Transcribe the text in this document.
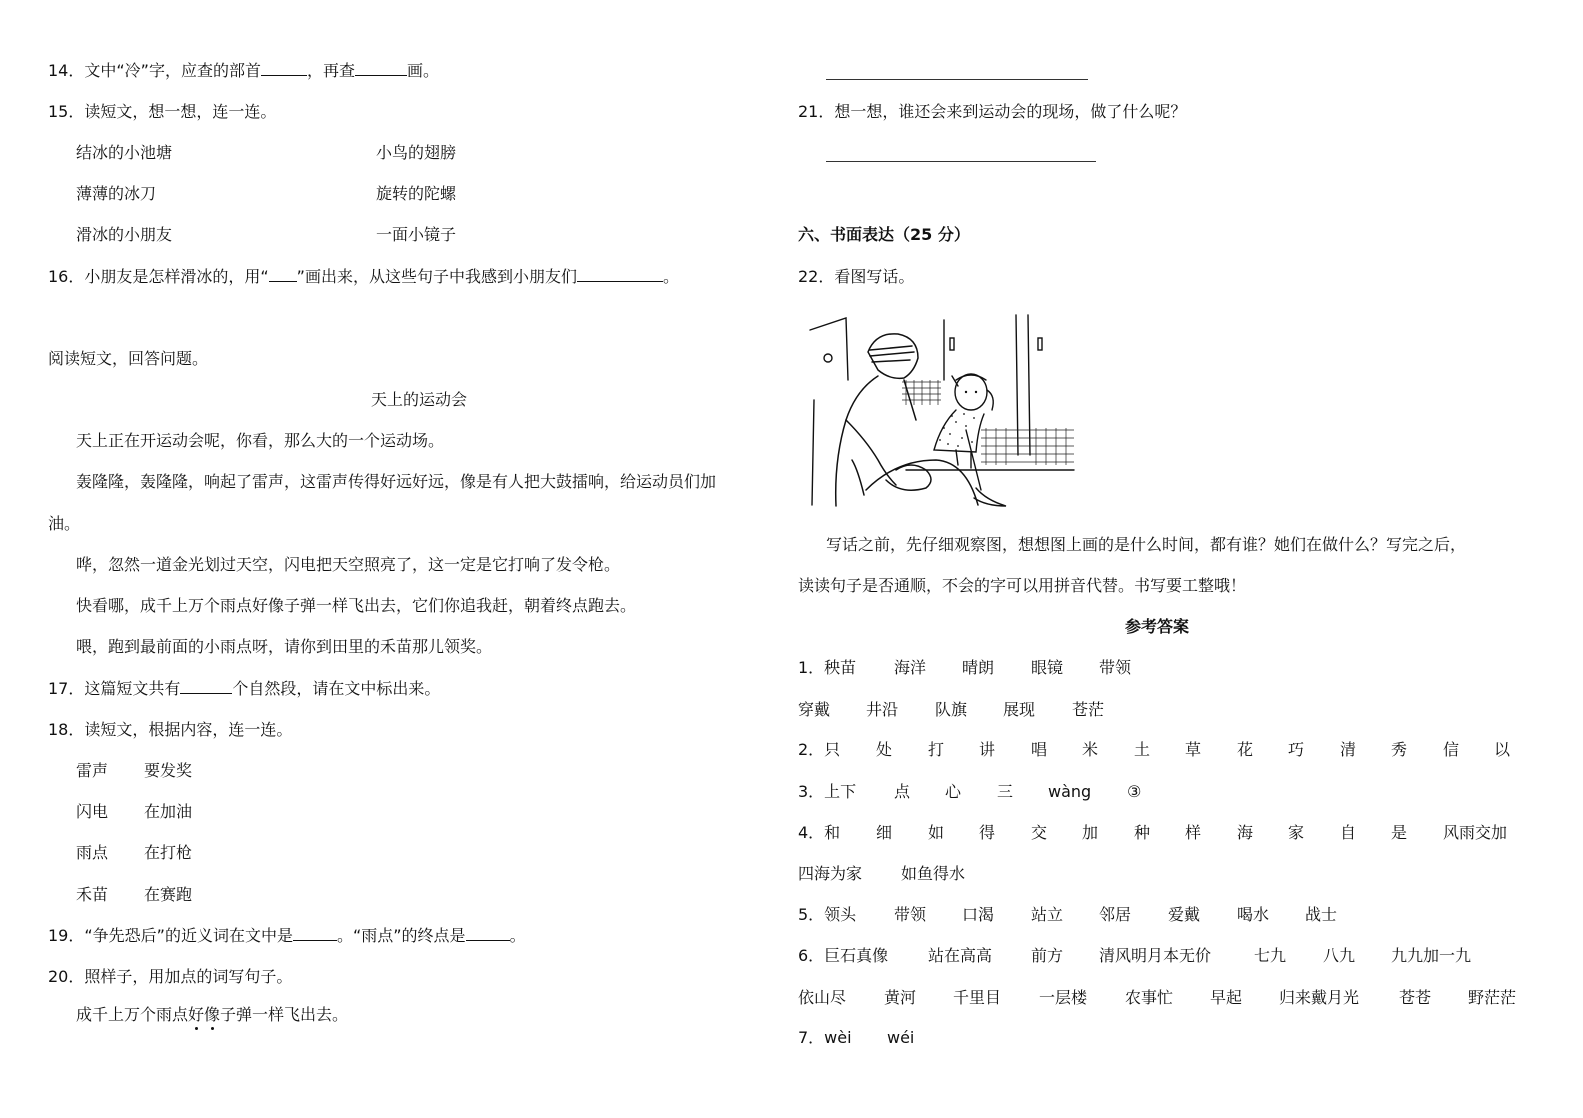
14．文中“冷”字，应查的部首	，再查	画。
15．读短文，想一想，连一连。
结冰的小池塘	小鸟的翅膀
薄薄的冰刀	旋转的陀螺
滑冰的小朋友	一面小镜子
16．小朋友是怎样滑冰的，用“ ”画出来，从这些句子中我感到小朋友们	。
阅读短文，回答问题。
天上的运动会
天上正在开运动会呢，你看，那么大的一个运动场。
轰隆隆，轰隆隆，响起了雷声，这雷声传得好远好远，像是有人把大鼓擂响，给运动员们加
油。
哗，忽然一道金光划过天空，闪电把天空照亮了，这一定是它打响了发令枪。
快看哪，成千上万个雨点好像子弹一样飞出去，它们你追我赶，朝着终点跑去。
喂，跑到最前面的小雨点呀，请你到田里的禾苗那儿领奖。
17．这篇短文共有	个自然段，请在文中标出来。
18．读短文，根据内容，连一连。
雷声 要发奖
闪电 在加油
雨点 在打枪
禾苗 在赛跑
19．“争先恐后”的近义词在文中是	。“雨点”的终点是	。
20．照样子，用加点的词写句子。
成千上万个雨点好像子弹一样飞出去。
21．想一想，谁还会来到运动会的现场，做了什么呢？
六、书面表达（25 分）
22．看图写话。
写话之前，先仔细观察图，想想图上画的是什么时间，都有谁？她们在做什么？写完之后，
读读句子是否通顺，不会的字可以用拼音代替。书写要工整哦！
参考答案
1．秧苗 海洋 晴朗 眼镜 带领
穿戴 井沿 队旗 展现 苍茫
2．只 处 打 讲 唱 米 土 草 花 巧 清 秀 信 以
3．上下 点 心 三 wàng ③
4．和 细 如 得 交 加 种 样 海 家 自 是 风雨交加
四海为家 如鱼得水
5．领头 带领 口渴 站立 邻居 爱戴 喝水 战士
6．巨石真像 站在高高 前方 清风明月本无价	七九 八九 九九加一九
依山尽 黄河 千里目 一层楼 农事忙 早起 归来戴月光 苍苍 野茫茫
7．wèi wéi
